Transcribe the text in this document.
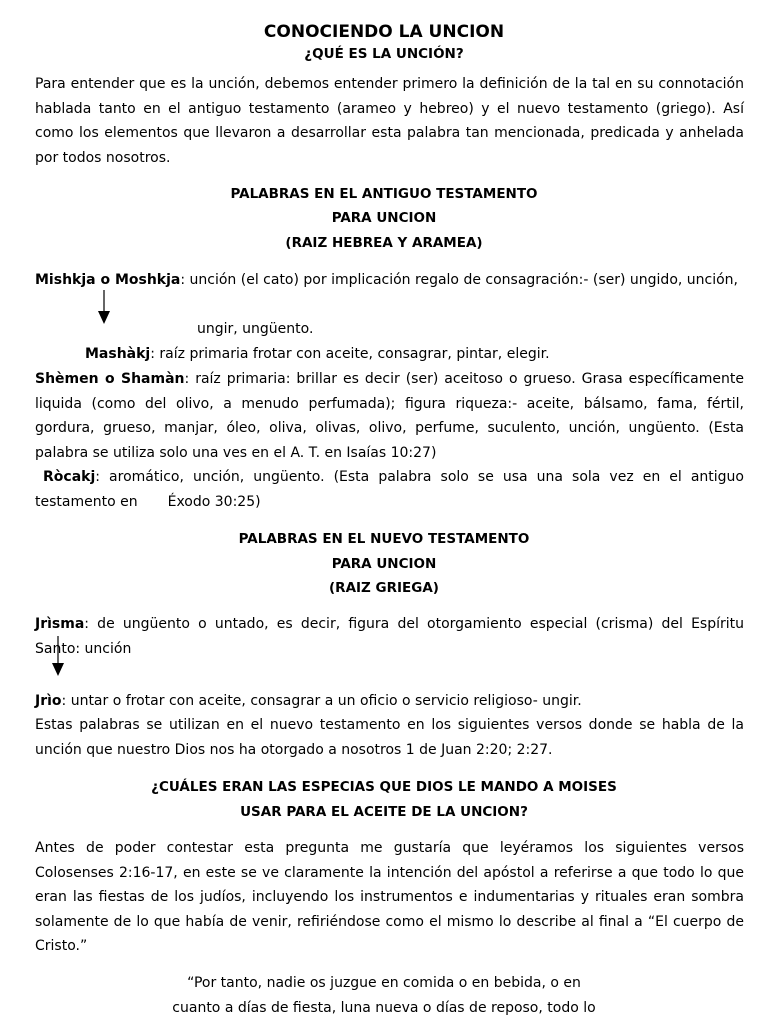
CONOCIENDO LA UNCION
¿QUÉ ES LA UNCIÓN?

Para entender que es la unción, debemos entender primero la definición de la tal en su connotación hablada tanto en el antiguo testamento (arameo y hebreo) y el nuevo testamento (griego). Así como los elementos que llevaron a desarrollar esta palabra tan mencionada, predicada y anhelada por todos nosotros.

PALABRAS EN EL ANTIGUO TESTAMENTO
PARA UNCION
(RAIZ HEBREA Y ARAMEA)

Mishkja o Moshkja: unción (el cato) por implicación regalo de consagración:- (ser) ungido, unción,

ungir, ungüento.
Mashàkj: raíz primaria frotar con aceite, consagrar, pintar, elegir.

Shèmen o Shamàn: raíz primaria: brillar es decir (ser) aceitoso o grueso. Grasa específicamente liquida (como del olivo, a menudo perfumada); figura riqueza:- aceite, bálsamo, fama, fértil, gordura, grueso, manjar, óleo, oliva, olivas, olivo, perfume, suculento, unción, ungüento. (Esta palabra se utiliza solo una ves en el A. T. en Isaías 10:27)

Ròcakj: aromático, unción, ungüento. (Esta palabra solo se usa una sola vez en el antiguo testamento en Éxodo 30:25)

PALABRAS EN EL NUEVO TESTAMENTO
PARA UNCION
(RAIZ GRIEGA)

Jrìsma: de ungüento o untado, es decir, figura del otorgamiento especial (crisma) del Espíritu Santo: unción

Jrìo: untar o frotar con aceite, consagrar a un oficio o servicio religioso- ungir.

Estas palabras se utilizan en el nuevo testamento en los siguientes versos donde se habla de la unción que nuestro Dios nos ha otorgado a nosotros 1 de Juan 2:20; 2:27.

¿CUÁLES ERAN LAS ESPECIAS QUE DIOS LE MANDO A MOISES
USAR PARA EL ACEITE DE LA UNCION?

Antes de poder contestar esta pregunta me gustaría que leyéramos los siguientes versos Colosenses 2:16-17, en este se ve claramente la intención del apóstol a referirse a que todo lo que eran las fiestas de los judíos, incluyendo los instrumentos e indumentarias y rituales eran sombra solamente de lo que había de venir, refiriéndose como el mismo lo describe al final a “El cuerpo de Cristo.”

“Por tanto, nadie os juzgue en comida o en bebida, o en
cuanto a días de fiesta, luna nueva o días de reposo, todo lo
